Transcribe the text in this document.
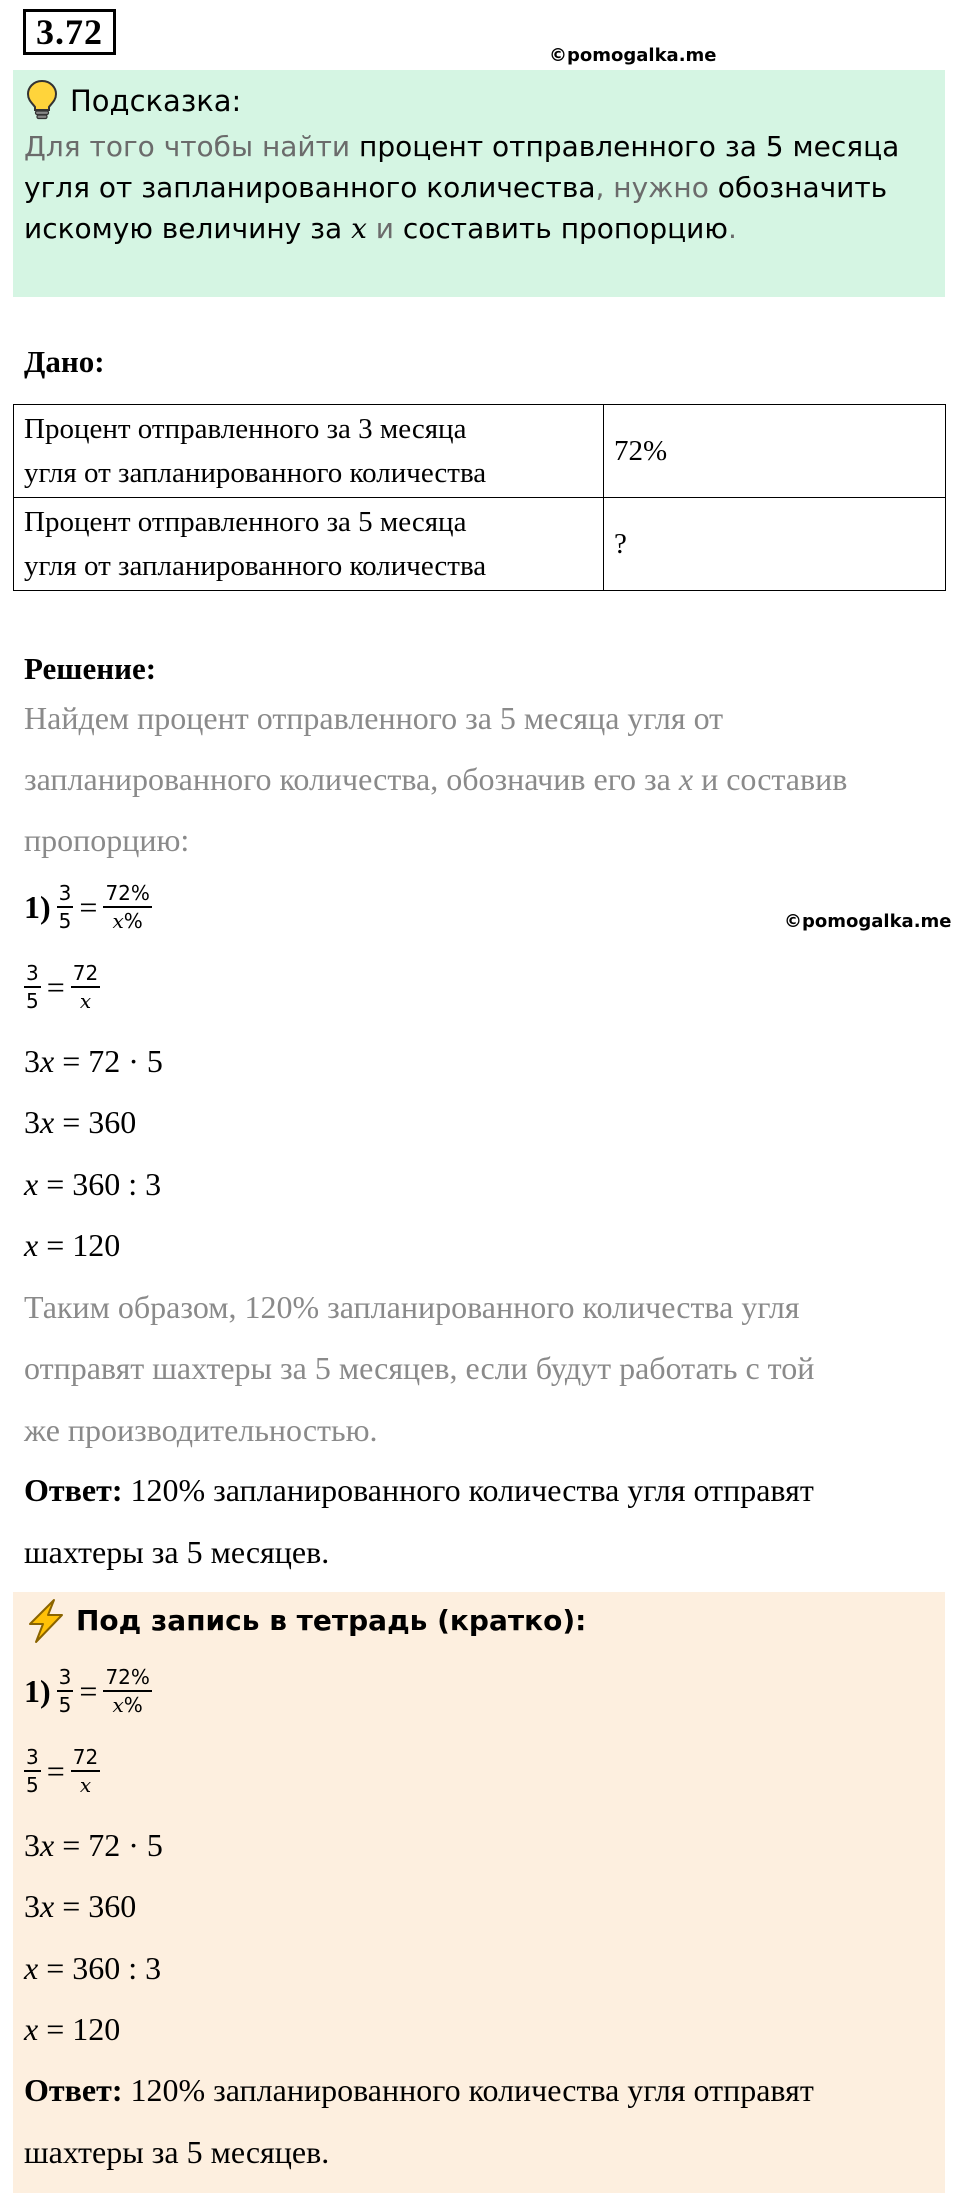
3.72
©pomogalka.me
Подсказка:
Для того чтобы найти процент отправленного за 5 месяца
угля от запланированного количества, нужно обозначить
искомую величину за x и составить пропорцию.
Дано:
Процент отправленного за 3 месяца
угля от запланированного количества	72%

Процент отправленного за 5 месяца
угля от запланированного количества	?
Решение:
Найдем процент отправленного за 5 месяца угля от
запланированного количества, обозначив его за x и составив
пропорцию:
$1) \frac{3}{5} = \frac{72\%}{x\%}$	©pomogalka.me
$\frac{3}{5} = \frac{72}{x}$
3x = 72 · 5
3x = 360
x = 360 : 3
x = 120
Таким образом, 120% запланированного количества угля
отправят шахтеры за 5 месяцев, если будут работать с той
же производительностью.
Ответ: 120% запланированного количества угля отправят
шахтеры за 5 месяцев.
Под запись в тетрадь (кратко):
$1) \frac{3}{5} = \frac{72\%}{x\%}$
$\frac{3}{5} = \frac{72}{x}$
3x = 72 · 5
3x = 360
x = 360 : 3
x = 120
Ответ: 120% запланированного количества угля отправят
шахтеры за 5 месяцев.
